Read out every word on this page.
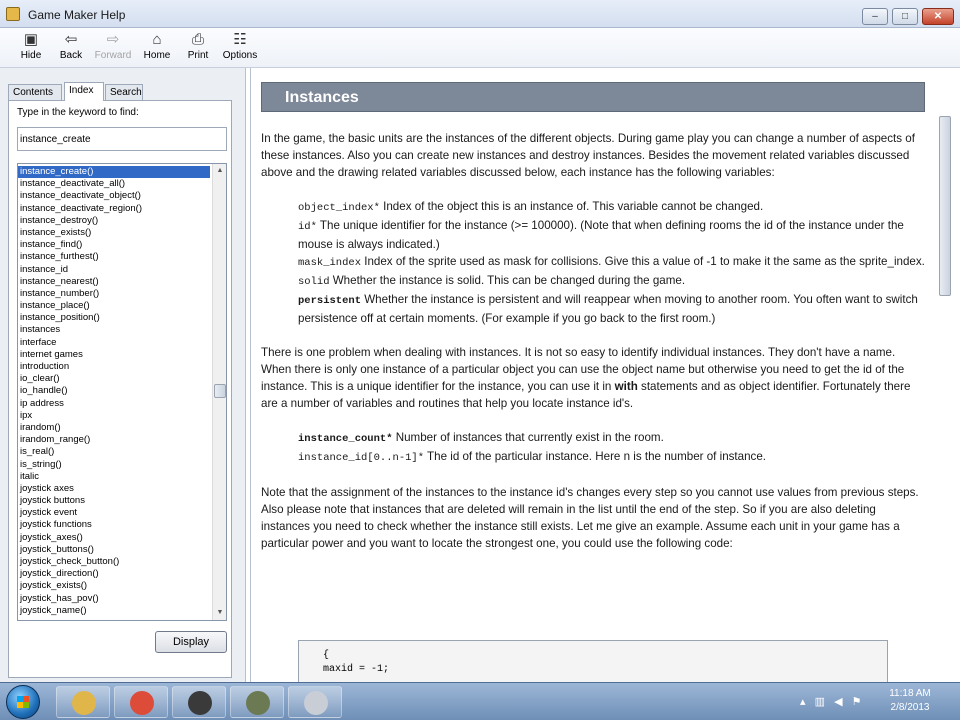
Game Maker Help	–	□	✕
▣
Hide
⇦
Back
⇨
Forward
⌂
Home
⎙
Print
☷
Options
Contents	Index	Search
Type in the keyword to find:
instance_create
instance_create()
instance_deactivate_all()
instance_deactivate_object()
instance_deactivate_region()
instance_destroy()
instance_exists()
instance_find()
instance_furthest()
instance_id
instance_nearest()
instance_number()
instance_place()
instance_position()
instances
interface
internet games
introduction
io_clear()
io_handle()
ip address
ipx
irandom()
irandom_range()
is_real()
is_string()
italic
joystick axes
joystick buttons
joystick event
joystick functions
joystick_axes()
joystick_buttons()
joystick_check_button()
joystick_direction()
joystick_exists()
joystick_has_pov()
joystick_name()
▲
▼
Display
Instances

In the game, the basic units are the instances of the different objects. During game play you can change a number of aspects of these instances. Also you can create new instances and destroy instances. Besides the movement related variables discussed above and the drawing related variables discussed below, each instance has the following variables:

object_index* Index of the object this is an instance of. This variable cannot be changed.
id* The unique identifier for the instance (>= 100000). (Note that when defining rooms the id of the instance under the mouse is always indicated.)
mask_index Index of the sprite used as mask for collisions. Give this a value of -1 to make it the same as the sprite_index.
solid Whether the instance is solid. This can be changed during the game.
persistent Whether the instance is persistent and will reappear when moving to another room. You often want to switch persistence off at certain moments. (For example if you go back to the first room.)

There is one problem when dealing with instances. It is not so easy to identify individual instances. They don't have a name. When there is only one instance of a particular object you can use the object name but otherwise you need to get the id of the instance. This is a unique identifier for the instance, you can use it in with statements and as object identifier. Fortunately there are a number of variables and routines that help you locate instance id's.

instance_count* Number of instances that currently exist in the room.
instance_id[0..n-1]* The id of the particular instance. Here n is the number of instance.

Note that the assignment of the instances to the instance id's changes every step so you cannot use values from previous steps. Also please note that instances that are deleted will remain in the list until the end of the step. So if you are also deleting instances you need to check whether the instance still exists. Let me give an example. Assume each unit in your game has a particular power and you want to locate the strongest one, you could use the following code:

{
maxid = -1;
▴ ▥ ◀ ⚑
11:18 AM
2/8/2013
